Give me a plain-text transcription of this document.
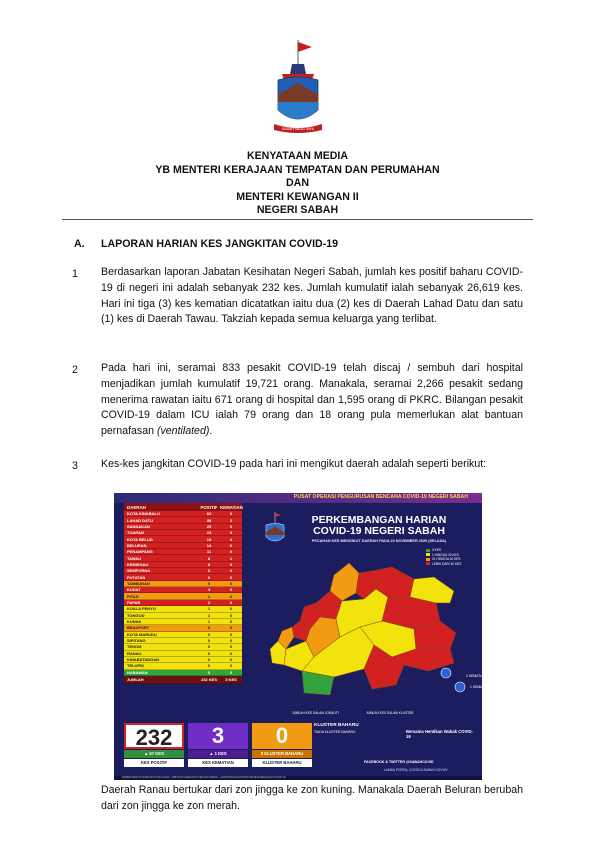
SABAH MAJU JAYA
KENYATAAN MEDIA
YB MENTERI KERAJAAN TEMPATAN DAN PERUMAHAN
DAN
MENTERI KEWANGAN II
NEGERI SABAH
A. LAPORAN HARIAN KES JANGKITAN COVID-19
1 Berdasarkan laporan Jabatan Kesihatan Negeri Sabah, jumlah kes positif baharu COVID-19 di negeri ini adalah sebanyak 232 kes. Jumlah kumulatif ialah sebanyak 26,619 kes. Hari ini tiga (3) kes kematian dicatatkan iaitu dua (2) kes di Daerah Lahad Datu dan satu (1) kes di Daerah Tawau. Takziah kepada semua keluarga yang terlibat.
2 Pada hari ini, seramai 833 pesakit COVID-19 telah discaj / sembuh dari hospital menjadikan jumlah kumulatif 19,721 orang. Manakala, seramai 2,266 pesakit sedang menerima rawatan iaitu 671 orang di hospital dan 1,595 orang di PKRC. Bilangan pesakit COVID-19 dalam ICU ialah 79 orang dan 18 orang pula memerlukan alat bantuan pernafasan (ventilated).
3 Kes-kes jangkitan COVID-19 pada hari ini mengikut daerah adalah seperti berikut:
PUSAT OPERASI PENGURUSAN BENCANA COVID-19 NEGERI SABAH
DAERAH	POSITIF KEMATIAN
KOTA KINABALU	62	0
LAHAD DATU	39	2
SANDAKAN	25	0
TUARAN	23	0
KOTA BELUD	15	0
BELURAN	14	0
PENAMPANG	11	0
TAWAU	8	1
KENINGAU	8	0
SEMPORNA	6	0
PUTATAN	6	0
TAMBUNAN	5	0
KUDAT	4	0
PITAS	2	0
PAPAR	2	0
KUALA PENYU	1	0
TONGOD	1	0
KUNAK	1	0
BEAUFORT	0	0
KOTA MARUDU	0	0
SIPITANG	0	0
TENOM	0	0
RANAU	0	0
KINABATANGAN	0	0
TELUPID	0	0
NABAWAN	0	0
JUMLAH	232 KES	3 KES
PERKEMBANGAN HARIAN
COVID-19 NEGERI SABAH
PECAHAN KES MENGIKUT DAERAH PADA 24 NOVEMBER 2020 (SELASA)
0 KES
1 HINGGA 20 KES
21 HINGGA 40 KES
LEBIH DARI 40 KES
2 KEMATIAN
1 KEMATIAN
JUMLAH KES DALAM LOKALITI	JUMLAH KES DALAM KLUSTER
232
▲ 57 KES
KES POSITIF
3
▲ 1 KES
KES KEMATIAN
0
0 KLUSTER BAHARU
KLUSTER BAHARU
KLUSTER BAHARU
TIADA KLUSTER BAHARU	Bersama Hentikan Wabak COVID-19
FACEBOOK & TWITTER @SABAHCOVID
LAMAN PORTAL COVID19.SABAH.GOV.MY
KEMENTERIAN KESIHATAN MALAYSIA • JABATAN KESIHATAN NEGERI SABAH • JAWATANKUASA PENGURUSAN BENCANA COVID-19
Daerah Ranau bertukar dari zon jingga ke zon kuning. Manakala Daerah Beluran berubah dari zon jingga ke zon merah.
